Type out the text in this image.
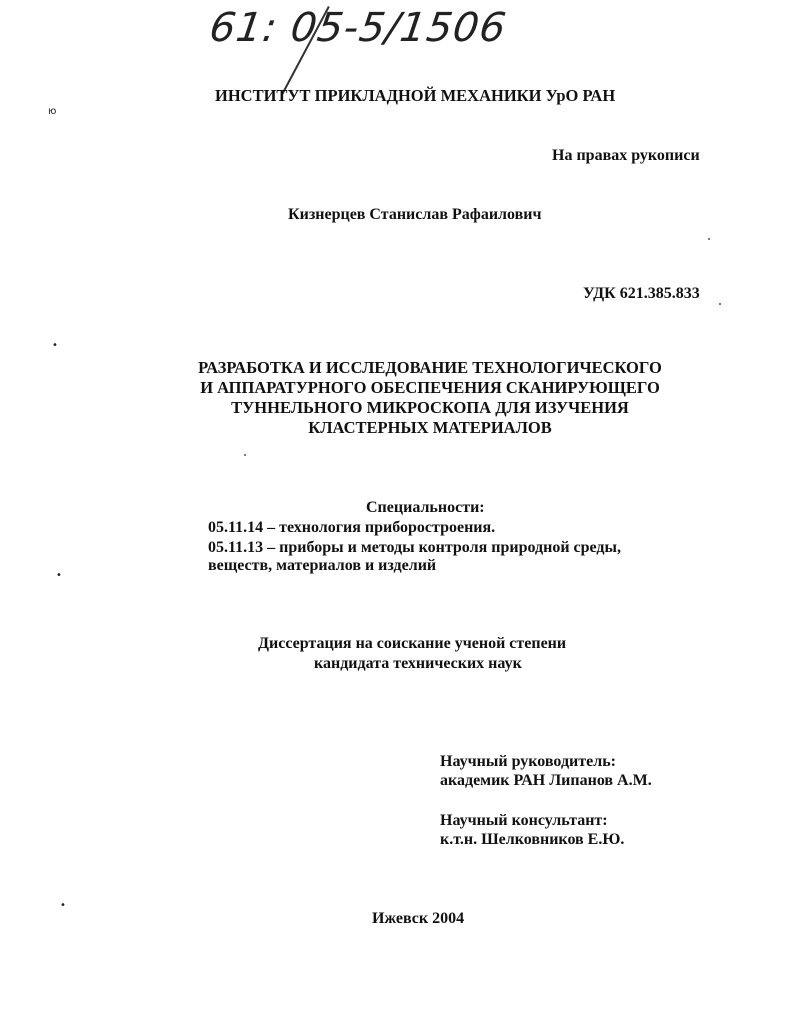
61: 05-5/1506
ИНСТИТУТ ПРИКЛАДНОЙ МЕХАНИКИ УрО РАН
На правах рукописи
Кизнерцев Станислав Рафаилович
УДК 621.385.833
РАЗРАБОТКА И ИССЛЕДОВАНИЕ ТЕХНОЛОГИЧЕСКОГО
И АППАРАТУРНОГО ОБЕСПЕЧЕНИЯ СКАНИРУЮЩЕГО
ТУННЕЛЬНОГО МИКРОСКОПА ДЛЯ ИЗУЧЕНИЯ
КЛАСТЕРНЫХ МАТЕРИАЛОВ
Специальности:
05.11.14 – технология приборостроения.
05.11.13 – приборы и методы контроля природной среды,
веществ, материалов и изделий
Диссертация на соискание ученой степени
кандидата технических наук
Научный руководитель:
академик РАН Липанов А.М.
Научный консультант:
к.т.н. Шелковников Е.Ю.
Ижевск 2004
ю
•
•
•
